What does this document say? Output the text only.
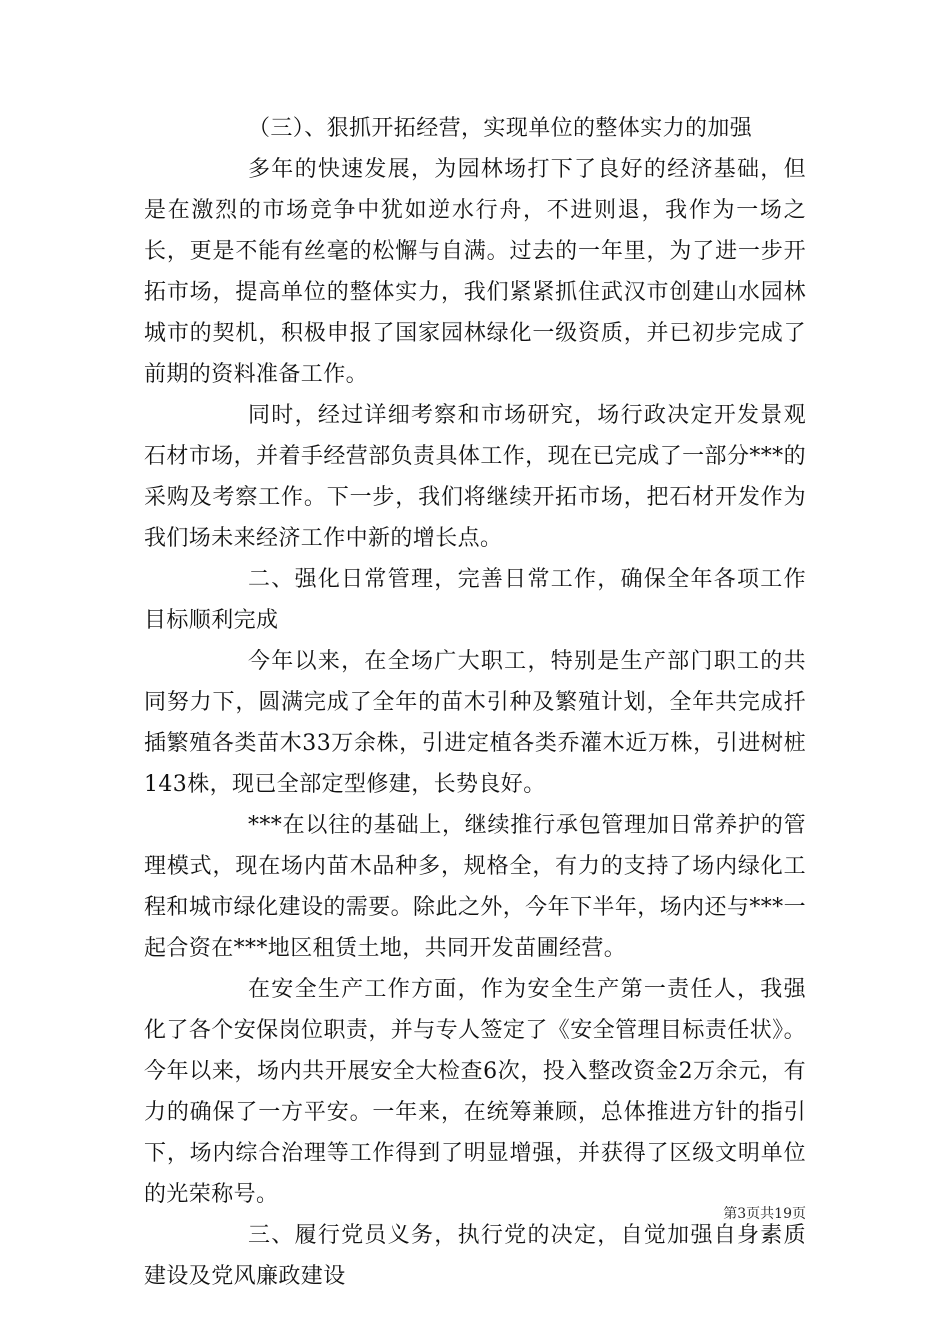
（三）、狠抓开拓经营，实现单位的整体实力的加强

多年的快速发展，为园林场打下了良好的经济基础，但是在激烈的市场竞争中犹如逆水行舟，不进则退，我作为一场之长，更是不能有丝毫的松懈与自满。过去的一年里，为了进一步开拓市场，提高单位的整体实力，我们紧紧抓住武汉市创建山水园林城市的契机，积极申报了国家园林绿化一级资质，并已初步完成了前期的资料准备工作。

同时，经过详细考察和市场研究，场行政决定开发景观石材市场，并着手经营部负责具体工作，现在已完成了一部分***的采购及考察工作。下一步，我们将继续开拓市场，把石材开发作为我们场未来经济工作中新的增长点。

二、强化日常管理，完善日常工作，确保全年各项工作目标顺利完成

今年以来，在全场广大职工，特别是生产部门职工的共同努力下，圆满完成了全年的苗木引种及繁殖计划，全年共完成扦插繁殖各类苗木33万余株，引进定植各类乔灌木近万株，引进树桩143株，现已全部定型修建，长势良好。

***在以往的基础上，继续推行承包管理加日常养护的管理模式，现在场内苗木品种多，规格全，有力的支持了场内绿化工程和城市绿化建设的需要。除此之外，今年下半年，场内还与***一起合资在***地区租赁土地，共同开发苗圃经营。

在安全生产工作方面，作为安全生产第一责任人，我强化了各个安保岗位职责，并与专人签定了《安全管理目标责任状》。今年以来，场内共开展安全大检查6次，投入整改资金2万余元，有力的确保了一方平安。一年来，在统筹兼顾，总体推进方针的指引下，场内综合治理等工作得到了明显增强，并获得了区级文明单位的光荣称号。

三、履行党员义务，执行党的决定，自觉加强自身素质建设及党风廉政建设

第3页共19页
